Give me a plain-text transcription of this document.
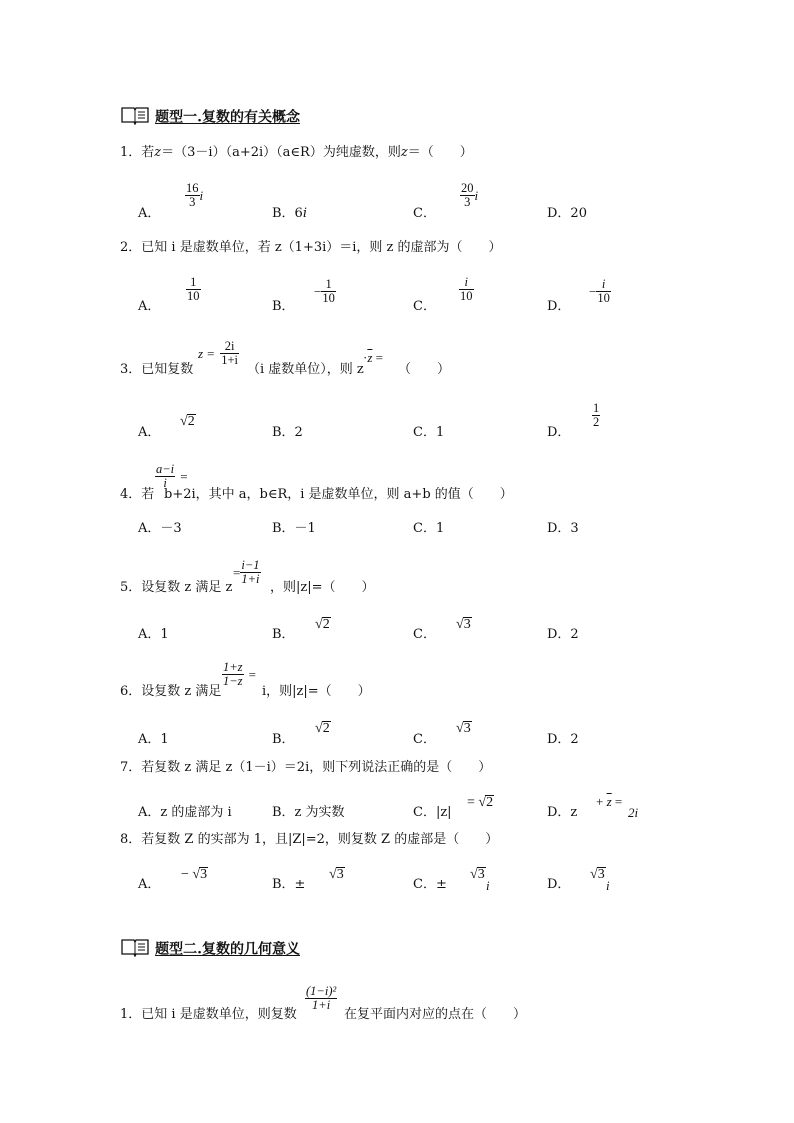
题型一.复数的有关概念
1．若z＝（3－i）（a+2i）（a∈R）为纯虚数，则z＝（　　）
A．
$\frac{16}{3}$ i
B．6i	C．
$\frac{20}{3}$ i
D．20
2．已知 i 是虚数单位，若 z（1+3i）＝i，则 z 的虚部为（　　）
A．
$\frac{1}{10}$
B．
− $\frac{1}{10}$
C．
$\frac{i}{10}$
D．
− $\frac{i}{10}$
3．已知复数
$z = \frac{2i}{1+i}$
（i 虚数单位），则 z
$\cdot\overline{z}$ =
（　　）
A．
√2
B．2	C．1	D．
$\frac{1}{2}$
$\frac{a-i}{i}$ =
4．若 b+2i，其中 a，b∈R，i 是虚数单位，则 a+b 的值（　　）
A．－3	B．－1	C．1	D．3
5．设复数 z 满足 z
= $\frac{i-1}{1+i}$
，则|z|=（　　）
A．1	B．
√2
C．
√3
D．2
$\frac{1+z}{1-z}$ =
6．设复数 z 满足	i，则|z|=（　　）
A．1	B．
√2
C．
√3
D．2
7．若复数 z 满足 z（1－i）＝2i，则下列说法正确的是（　　）
A．z 的虚部为 i	B．z 为实数	C．|z|
= √2
D．z
+ $\overline{z}$ =
2i
8．若复数 Z 的实部为 1，且|Z|=2，则复数 Z 的虚部是（　　）
A．
− √3
B．±
√3
C．±
√3
i	D．
√3
i
题型二.复数的几何意义
1．已知 i 是虚数单位，则复数
$\frac{\text{(1−i)²}}{1+i}$
在复平面内对应的点在（　　）
